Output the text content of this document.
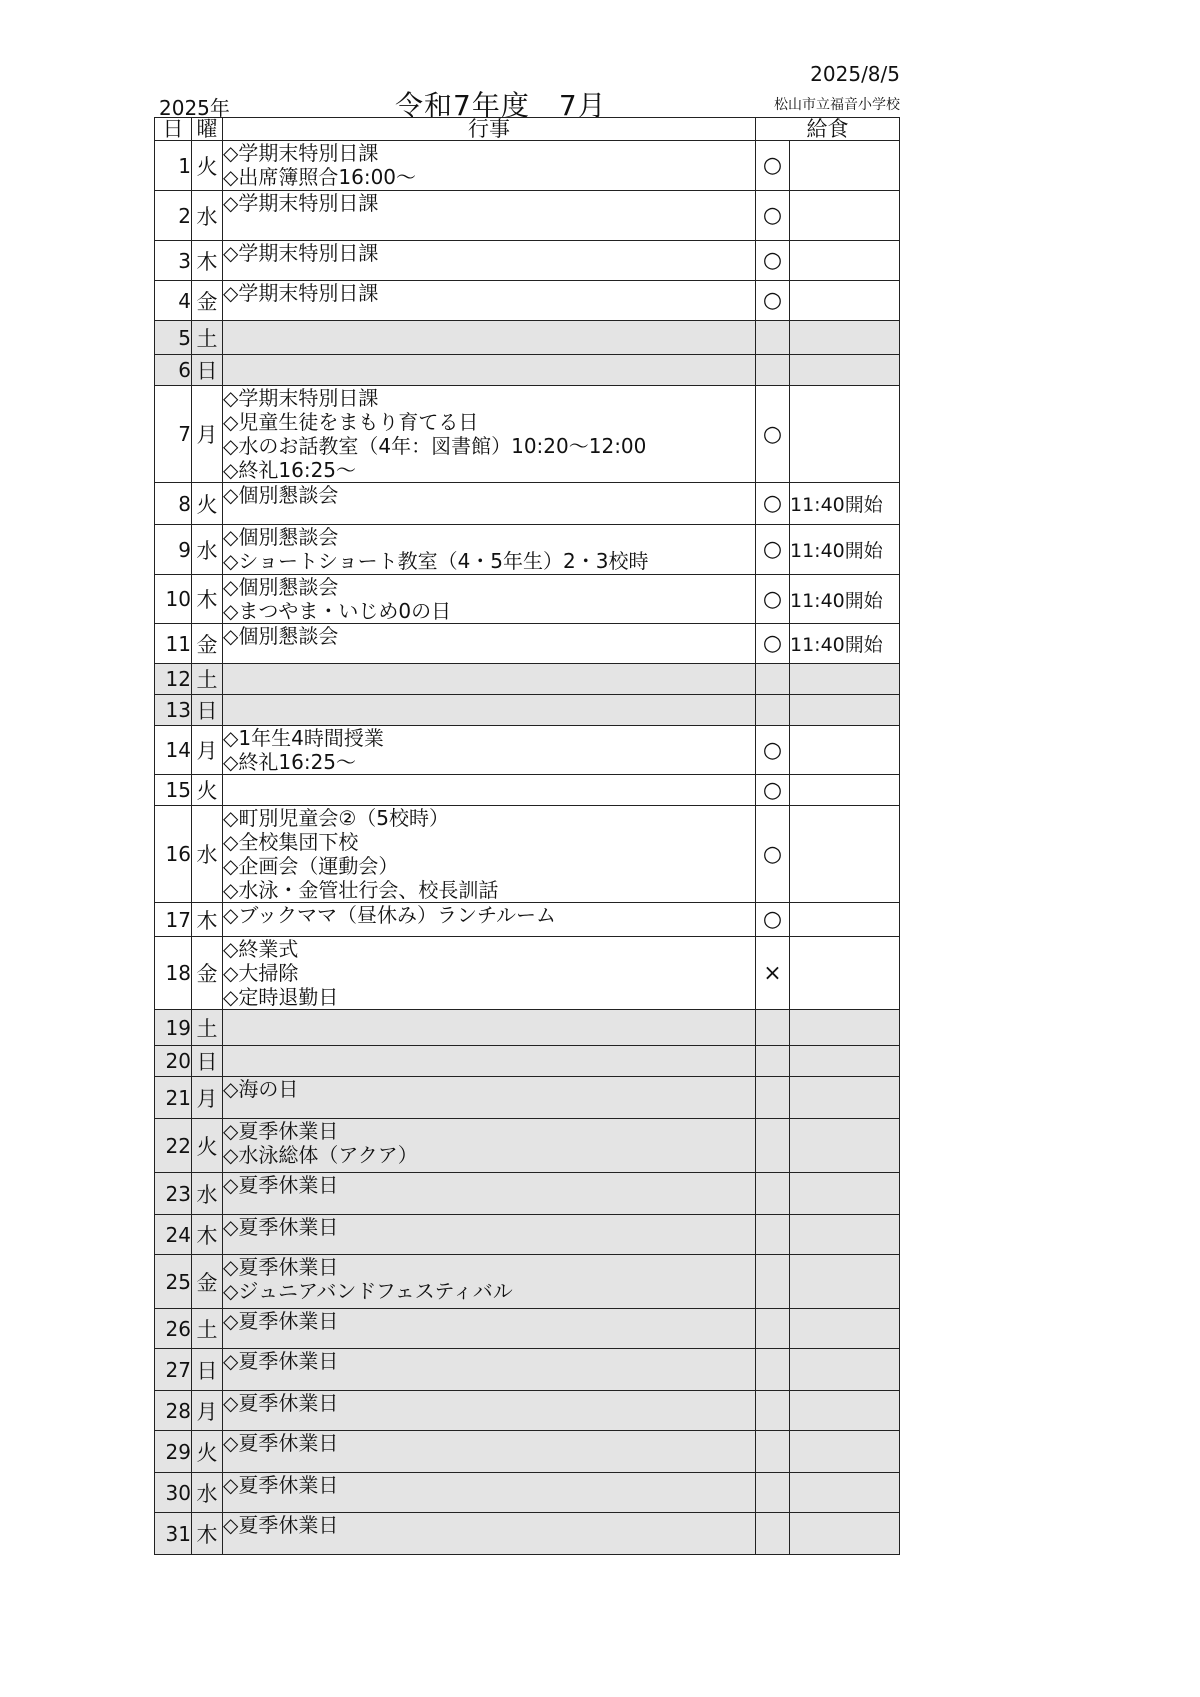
2025/8/5
2025年	令和7年度　7月	松山市立福音小学校
日	曜	行事	給食	
1	火	◇学期末特別日課
◇出席簿照合16:00～	○	
2	水	◇学期末特別日課	○	
3	木	◇学期末特別日課	○	
4	金	◇学期末特別日課	○	
5	土			
6	日			
7	月	◇学期末特別日課
◇児童生徒をまもり育てる日
◇水のお話教室（4年：図書館）10:20～12:00
◇終礼16:25～	○	
8	火	◇個別懇談会	○	11:40開始
9	水	◇個別懇談会
◇ショートショート教室（4・5年生）2・3校時	○	11:40開始
10	木	◇個別懇談会
◇まつやま・いじめ0の日	○	11:40開始
11	金	◇個別懇談会	○	11:40開始
12	土			
13	日			
14	月	◇1年生4時間授業
◇終礼16:25～	○	
15	火		○	
16	水	◇町別児童会②（5校時）
◇全校集団下校
◇企画会（運動会）
◇水泳・金管壮行会、校長訓話	○	
17	木	◇ブックママ（昼休み）ランチルーム	○	
18	金	◇終業式
◇大掃除
◇定時退勤日	×	
19	土			
20	日			
21	月	◇海の日		

22	火	◇夏季休業日
◇水泳総体（アクア）		

23	水	◇夏季休業日		

24	木	◇夏季休業日		

25	金	◇夏季休業日
◇ジュニアバンドフェスティバル		

26	土	◇夏季休業日		

27	日	◇夏季休業日		

28	月	◇夏季休業日		

29	火	◇夏季休業日		

30	水	◇夏季休業日		

31	木	◇夏季休業日		
